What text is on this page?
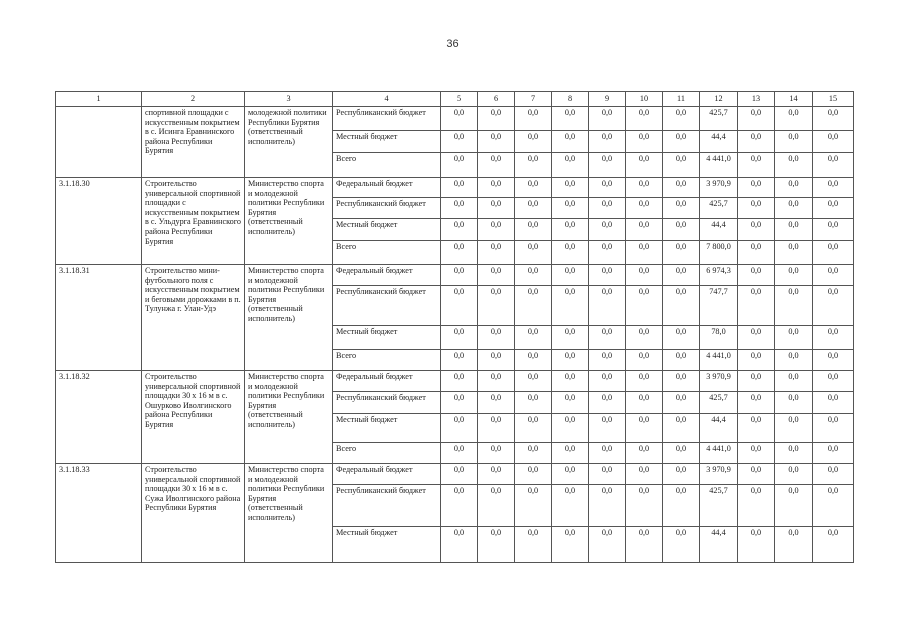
36
1	2	3	4	5	6	7	8	9	10	11	12	13	14	15
	спортивной площадки с искусственным покрытием в с. Исинга Еравнинского района Республики Бурятия	молодежной политики Республики Бурятия (ответственный исполнитель)	Республиканский бюджет	0,0	0,0	0,0	0,0	0,0	0,0	0,0	425,7	0,0	0,0	0,0
			Местный бюджет	0,0	0,0	0,0	0,0	0,0	0,0	0,0	44,4	0,0	0,0	0,0
			Всего	0,0	0,0	0,0	0,0	0,0	0,0	0,0	4 441,0	0,0	0,0	0,0
3.1.18.30	Строительство универсальной спортивной площадки с искусственным покрытием в с. Ульдурга Еравнинского района Республики Бурятия	Министерство спорта и молодежной политики Республики Бурятия (ответственный исполнитель)	Федеральный бюджет	0,0	0,0	0,0	0,0	0,0	0,0	0,0	3 970,9	0,0	0,0	0,0
			Республиканский бюджет	0,0	0,0	0,0	0,0	0,0	0,0	0,0	425,7	0,0	0,0	0,0
			Местный бюджет	0,0	0,0	0,0	0,0	0,0	0,0	0,0	44,4	0,0	0,0	0,0
			Всего	0,0	0,0	0,0	0,0	0,0	0,0	0,0	7 800,0	0,0	0,0	0,0
3.1.18.31	Строительство мини-футбольного поля с искусственным покрытием и беговыми дорожками в п. Тулунжа г. Улан-Удэ	Министерство спорта и молодежной политики Республики Бурятия (ответственный исполнитель)	Федеральный бюджет	0,0	0,0	0,0	0,0	0,0	0,0	0,0	6 974,3	0,0	0,0	0,0
			Республиканский бюджет	0,0	0,0	0,0	0,0	0,0	0,0	0,0	747,7	0,0	0,0	0,0
			Местный бюджет	0,0	0,0	0,0	0,0	0,0	0,0	0,0	78,0	0,0	0,0	0,0
			Всего	0,0	0,0	0,0	0,0	0,0	0,0	0,0	4 441,0	0,0	0,0	0,0
3.1.18.32	Строительство универсальной спортивной площадки 30 х 16 м в с. Ошурково Иволгинского района Республики Бурятия	Министерство спорта и молодежной политики Республики Бурятия (ответственный исполнитель)	Федеральный бюджет	0,0	0,0	0,0	0,0	0,0	0,0	0,0	3 970,9	0,0	0,0	0,0
			Республиканский бюджет	0,0	0,0	0,0	0,0	0,0	0,0	0,0	425,7	0,0	0,0	0,0
			Местный бюджет	0,0	0,0	0,0	0,0	0,0	0,0	0,0	44,4	0,0	0,0	0,0
			Всего	0,0	0,0	0,0	0,0	0,0	0,0	0,0	4 441,0	0,0	0,0	0,0
3.1.18.33	Строительство универсальной спортивной площадки 30 х 16 м в с. Сужа Иволгинского района Республики Бурятия	Министерство спорта и молодежной политики Республики Бурятия (ответственный исполнитель)	Федеральный бюджет	0,0	0,0	0,0	0,0	0,0	0,0	0,0	3 970,9	0,0	0,0	0,0
			Республиканский бюджет	0,0	0,0	0,0	0,0	0,0	0,0	0,0	425,7	0,0	0,0	0,0
			Местный бюджет	0,0	0,0	0,0	0,0	0,0	0,0	0,0	44,4	0,0	0,0	0,0
